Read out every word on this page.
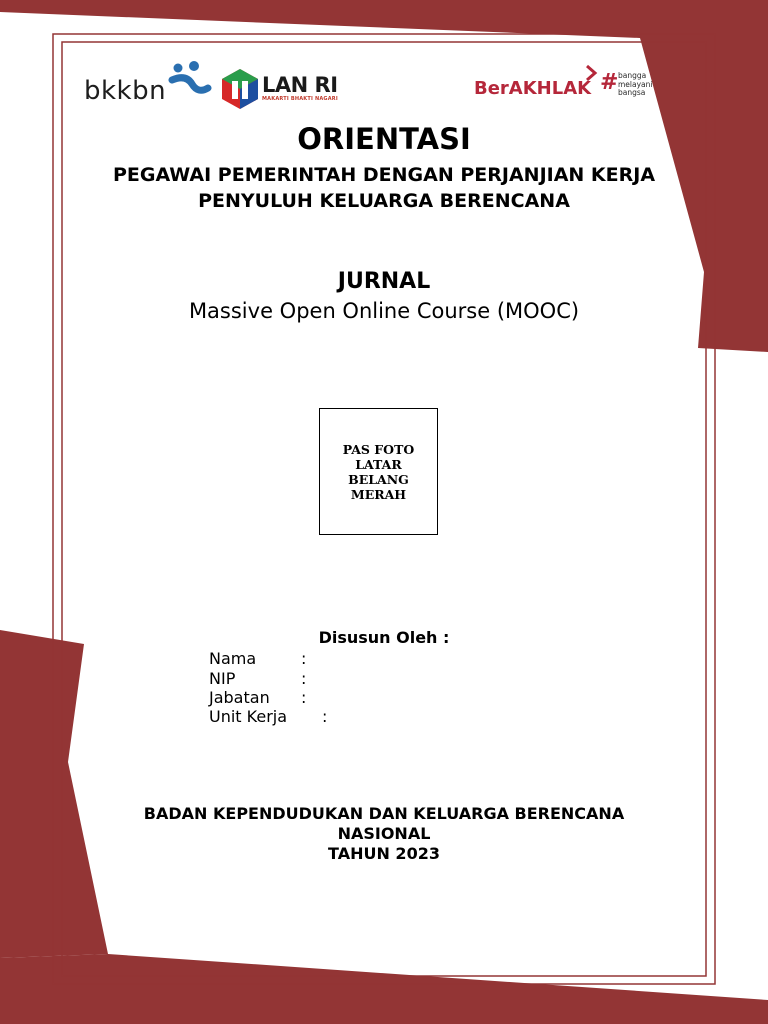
bkkbn	LAN RI
MAKARTI BHAKTI NAGARI	BerAKHLAK # bangga
melayani
bangsa
ORIENTASI
PEGAWAI PEMERINTAH DENGAN PERJANJIAN KERJA
PENYULUH KELUARGA BERENCANA
JURNAL
Massive Open Online Course (MOOC)
PAS FOTO
LATAR
BELANG
MERAH
Disusun Oleh :
Nama	:
NIP	:
Jabatan :
Unit Kerja :
BADAN KEPENDUDUKAN DAN KELUARGA BERENCANA
NASIONAL
TAHUN 2023
